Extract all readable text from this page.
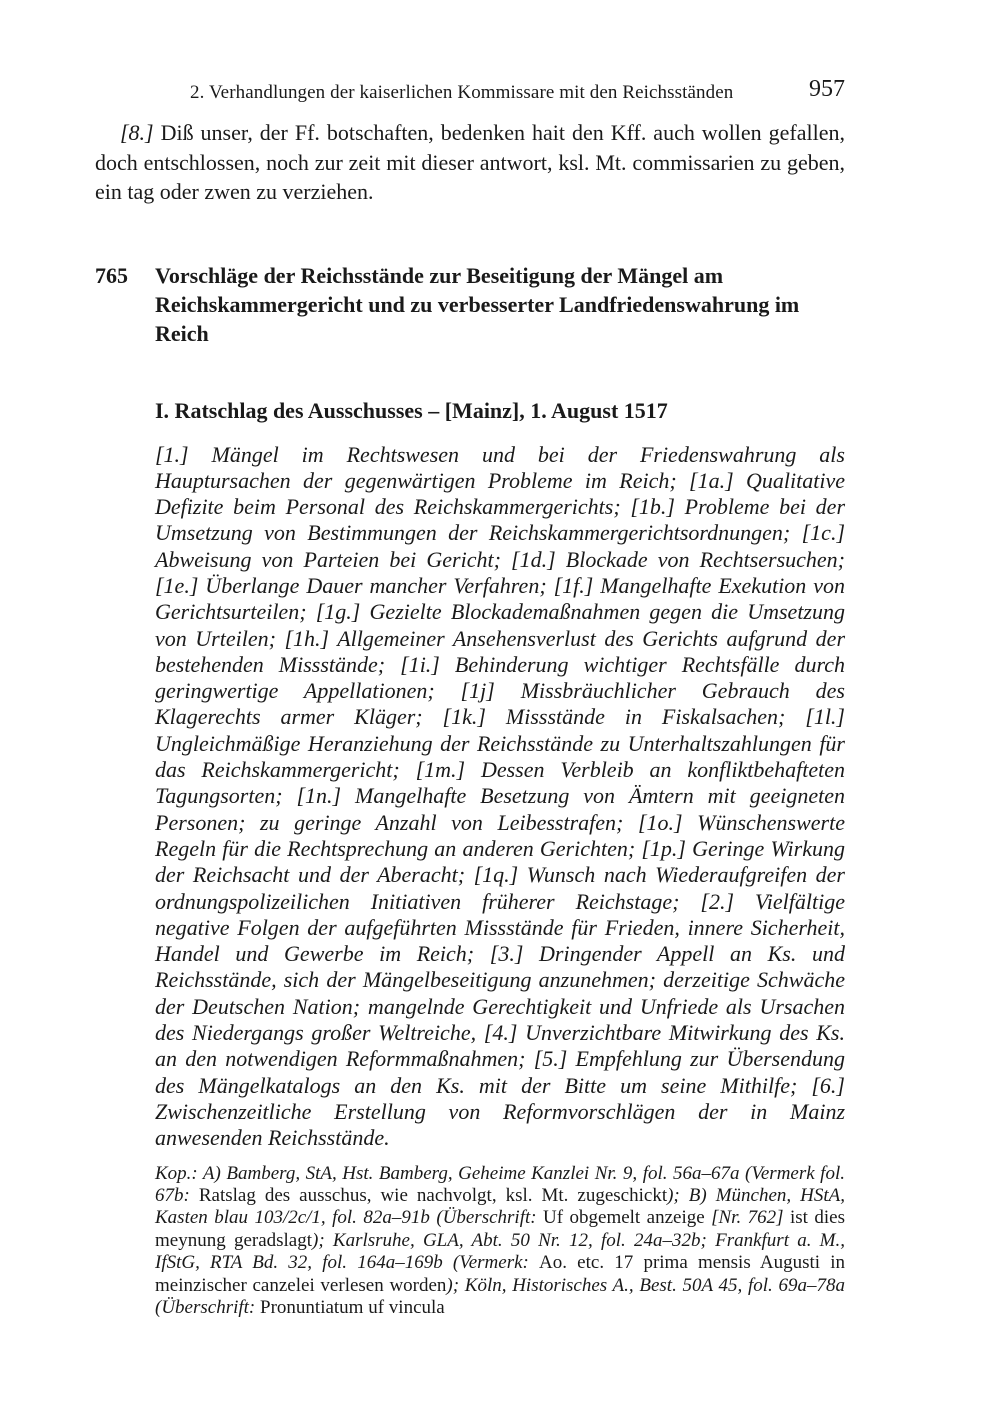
2. Verhandlungen der kaiserlichen Kommissare mit den Reichsständen	957

[8.] Diß unser, der Ff. botschaften, bedenken hait den Kff. auch wollen gefallen, doch entschlossen, noch zur zeit mit dieser antwort, ksl. Mt. commissarien zu geben, ein tag oder zwen zu verziehen.

765	Vorschläge der Reichsstände zur Beseitigung der Mängel am Reichskammergericht und zu verbesserter Landfriedenswahrung im Reich
I. Ratschlag des Ausschusses – [Mainz], 1. August 1517
[1.] Mängel im Rechtswesen und bei der Friedenswahrung als Hauptursachen der gegenwärtigen Probleme im Reich; [1a.] Qualitative Defizite beim Personal des Reichskammergerichts; [1b.] Probleme bei der Umsetzung von Bestimmungen der Reichskammergerichtsordnungen; [1c.] Abweisung von Parteien bei Gericht; [1d.] Blockade von Rechtsersuchen; [1e.] Überlange Dauer mancher Verfahren; [1f.] Mangelhafte Exekution von Gerichtsurteilen; [1g.] Gezielte Blockademaßnahmen gegen die Umsetzung von Urteilen; [1h.] Allgemeiner Ansehensverlust des Gerichts aufgrund der bestehenden Missstände; [1i.] Behinderung wichtiger Rechtsfälle durch geringwertige Appellationen; [1j] Missbräuchlicher Gebrauch des Klagerechts armer Kläger; [1k.] Missstände in Fiskalsachen; [1l.] Ungleichmäßige Heranziehung der Reichsstände zu Unterhaltszahlungen für das Reichskammergericht; [1m.] Dessen Verbleib an konfliktbehafteten Tagungsorten; [1n.] Mangelhafte Besetzung von Ämtern mit geeigneten Personen; zu geringe Anzahl von Leibesstrafen; [1o.] Wünschenswerte Regeln für die Rechtsprechung an anderen Gerichten; [1p.] Geringe Wirkung der Reichsacht und der Aberacht; [1q.] Wunsch nach Wiederaufgreifen der ordnungspolizeilichen Initiativen früherer Reichstage; [2.] Vielfältige negative Folgen der aufgeführten Missstände für Frieden, innere Sicherheit, Handel und Gewerbe im Reich; [3.] Dringender Appell an Ks. und Reichsstände, sich der Mängelbeseitigung anzunehmen; derzeitige Schwäche der Deutschen Nation; mangelnde Gerechtigkeit und Unfriede als Ursachen des Niedergangs großer Weltreiche, [4.] Unverzichtbare Mitwirkung des Ks. an den notwendigen Reformmaßnahmen; [5.] Empfehlung zur Übersendung des Mängelkatalogs an den Ks. mit der Bitte um seine Mithilfe; [6.] Zwischenzeitliche Erstellung von Reformvorschlägen der in Mainz anwesenden Reichsstände.
Kop.: A) Bamberg, StA, Hst. Bamberg, Geheime Kanzlei Nr. 9, fol. 56a–67a (Vermerk fol. 67b: Ratslag des ausschus, wie nachvolgt, ksl. Mt. zugeschickt); B) München, HStA, Kasten blau 103/2c/1, fol. 82a–91b (Überschrift: Uf obgemelt anzeige [Nr. 762] ist dies meynung geradslagt); Karlsruhe, GLA, Abt. 50 Nr. 12, fol. 24a–32b; Frankfurt a. M., IfStG, RTA Bd. 32, fol. 164a–169b (Vermerk: Ao. etc. 17 prima mensis Augusti in meinzischer canzelei verlesen worden); Köln, Historisches A., Best. 50A 45, fol. 69a–78a (Überschrift: Pronuntiatum uf vincula
